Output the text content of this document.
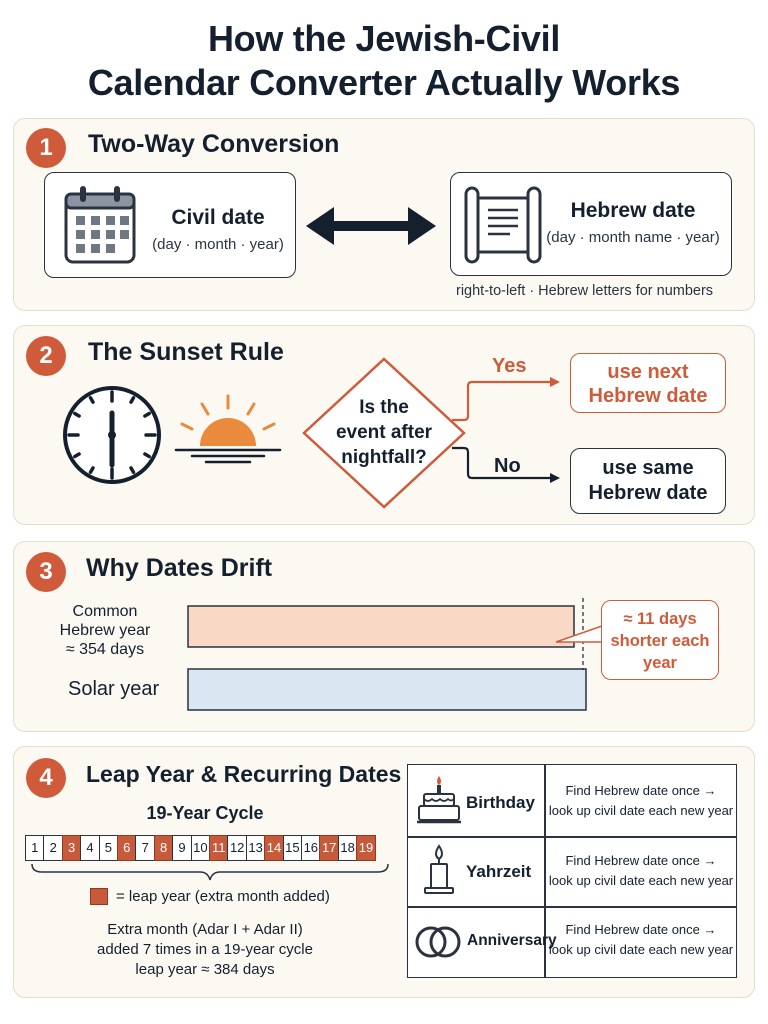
How the Jewish-Civil
Calendar Converter Actually Works
1	Two-Way Conversion
Civil date
(day · month · year)
Hebrew date
(day · month name · year)
right-to-left · Hebrew letters for numbers
2	The Sunset Rule
Is the
event after
nightfall?
Yes
No
use next
Hebrew date
use same
Hebrew date
3	Why Dates Drift
Common
Hebrew year
≈ 354 days
Solar year
≈ 11 days
shorter each
year
4	Leap Year & Recurring Dates
19-Year Cycle
1 2 3 4 5 6 7 8 9 10 11 12 13 14 15 16 17 18 19
= leap year (extra month added)
Extra month (Adar I + Adar II)
added 7 times in a 19-year cycle
leap year ≈ 384 days
Birthday
Find Hebrew date once →
look up civil date each new year
Yahrzeit
Find Hebrew date once →
look up civil date each new year
Anniversary
Find Hebrew date once →
look up civil date each new year
